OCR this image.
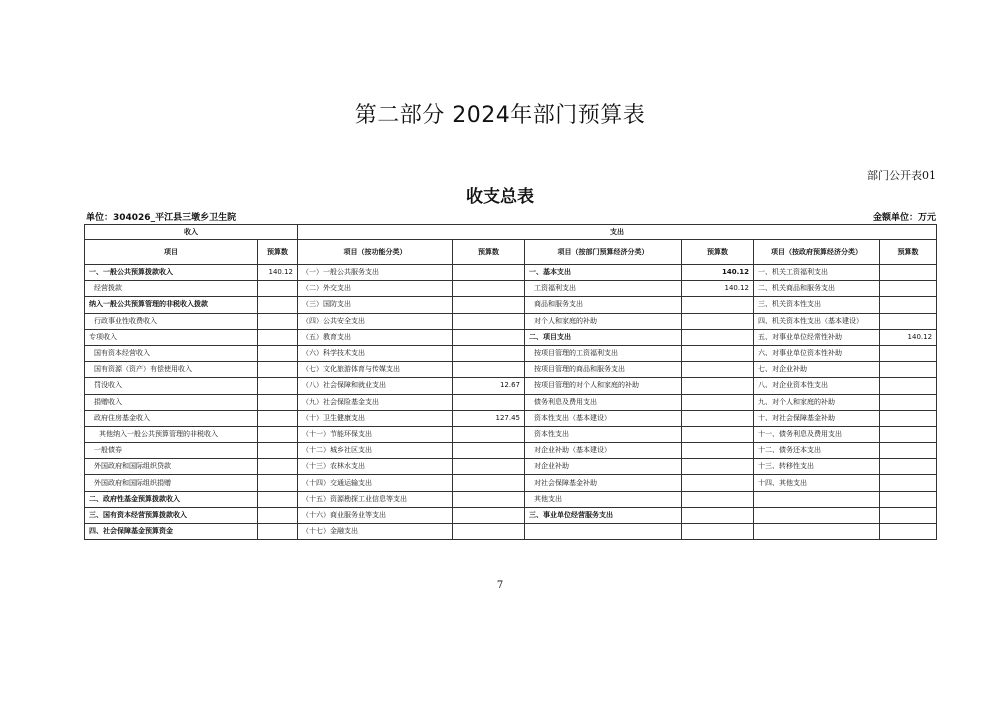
第二部分 2024年部门预算表
部门公开表01
收支总表
单位：304026_平江县三墩乡卫生院	金额单位：万元
收入		支出					
项目	预算数	项目（按功能分类）	预算数	项目（按部门预算经济分类）	预算数	项目（按政府预算经济分类）	预算数
一、一般公共预算拨款收入	140.12	（一）一般公共服务支出		一、基本支出	140.12	一、机关工资福利支出	
经营拨款		（二）外交支出		工资福利支出	140.12	二、机关商品和服务支出	
纳入一般公共预算管理的非税收入拨款		（三）国防支出		商品和服务支出		三、机关资本性支出	
行政事业性收费收入		（四）公共安全支出		对个人和家庭的补助		四、机关资本性支出（基本建设）	
专项收入		（五）教育支出		二、项目支出		五、对事业单位经常性补助	140.12
国有资本经营收入		（六）科学技术支出		按项目管理的工资福利支出		六、对事业单位资本性补助	
国有资源（资产）有偿使用收入		（七）文化旅游体育与传媒支出		按项目管理的商品和服务支出		七、对企业补助	
罚没收入		（八）社会保障和就业支出	12.67	按项目管理的对个人和家庭的补助		八、对企业资本性支出	
捐赠收入		（九）社会保险基金支出		债务利息及费用支出		九、对个人和家庭的补助	
政府住房基金收入		（十）卫生健康支出	127.45	资本性支出（基本建设）		十、对社会保障基金补助	
其他纳入一般公共预算管理的非税收入		（十一）节能环保支出		资本性支出		十一、债务利息及费用支出	
一般债券		（十二）城乡社区支出		对企业补助（基本建设）		十二、债务还本支出	
外国政府和国际组织贷款		（十三）农林水支出		对企业补助		十三、转移性支出	
外国政府和国际组织捐赠		（十四）交通运输支出		对社会保障基金补助		十四、其他支出	
二、政府性基金预算拨款收入		（十五）资源勘探工业信息等支出		其他支出			
三、国有资本经营预算拨款收入		（十六）商业服务业等支出		三、事业单位经营服务支出			
四、社会保障基金预算资金		（十七）金融支出					
7
